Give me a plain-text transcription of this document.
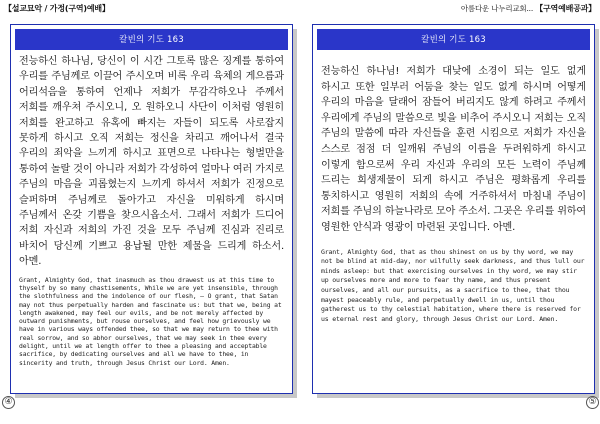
【설교묘악 / 가정(구역)예배】	아름다운 나누리교회... 【구역예배공과】
칼빈의 기도 163
전능하신 하나님, 당신이 이 시간 그토록 많은 징계를 통하여 우리를 주님께로 이끌어 주시오며 비록 우리 육체의 게으름과 어리석음을 통하여 언제나 저희가 무감각하오나 주께서 저희를 깨우쳐 주시오니, 오 원하오니 사단이 이처럼 영원히 저희를 완고하고 유혹에 빠지는 자들이 되도록 사로잡지 못하게 하시고 오직 저희는 정신을 차리고 깨어나서 결국 우리의 죄악을 느끼게 하시고 표면으로 나타나는 형벌만을 통하여 놀랄 것이 아니라 저희가 각성하여 얼마나 여러 가지로 주님의 마음을 괴롭혔는지 느끼게 하셔서 저희가 진정으로 슬퍼하며 주님께로 돌아가고 자신을 미워하게 하시며 주님께서 온갖 기쁨을 찾으시옵소서. 그래서 저희가 드디어 저희 자신과 저희의 가진 것을 모두 주님께 진심과 진리로 바치어 당신께 기쁘고 용납될 만한 제물을 드리게 하소서. 아멘.
Grant, Almighty God, that inasmuch as thou drawest us at this time to thyself by so many chastisements, While we are yet insensible, through the slothfulness and the indolence of our flesh, — O grant, that Satan may not thus perpetually harden and fascinate us: but that we, being at length awakened, may feel our evils, and be not merely affected by outward punishments, but rouse ourselves, and feel how grievously we have in various ways offended thee, so that we may return to thee with real sorrow, and so abhor ourselves, that we may seek in thee every delight, until we at length offer to thee a pleasing and acceptable sacrifice, by dedicating ourselves and all we have to thee, in sincerity and truth, through Jesus Christ our Lord. Amen.
칼빈의 기도 163
전능하신 하나님! 저희가 대낮에 소경이 되는 일도 없게 하시고 또한 일부러 어둠을 찾는 일도 없게 하시며 어떻게 우리의 마음을 달래어 잠들어 버리지도 않게 하려고 주께서 우리에게 주님의 말씀으로 빛을 비추어 주시오니 저희는 오직 주님의 말씀에 따라 자신들을 훈련 시킴으로 저희가 자신을 스스로 점점 더 일깨워 주님의 이름을 두려워하게 하시고 이렇게 함으로써 우리 자신과 우리의 모든 노력이 주님께 드리는 희생제물이 되게 하시고 주님은 평화롭게 우리를 통치하시고 영원히 저희의 속에 거주하셔서 마침내 주님이 저희를 주님의 하늘나라로 모아 주소서. 그곳은 우리를 위하여 영원한 안식과 영광이 마련된 곳입니다. 아멘.
Grant, Almighty God, that as thou shinest on us by thy word, we may not be blind at mid-day, nor wilfully seek darkness, and thus lull our minds asleep: but that exercising ourselves in thy word, we may stir up ourselves more and more to fear thy name, and thus present ourselves, and all our pursuits, as a sacrifice to thee, that thou mayest peaceably rule, and perpetually dwell in us, until thou gatherest us to thy celestial habitation, where there is reserved for us eternal rest and glory, through Jesus Christ our Lord. Amen.
④	⑤
